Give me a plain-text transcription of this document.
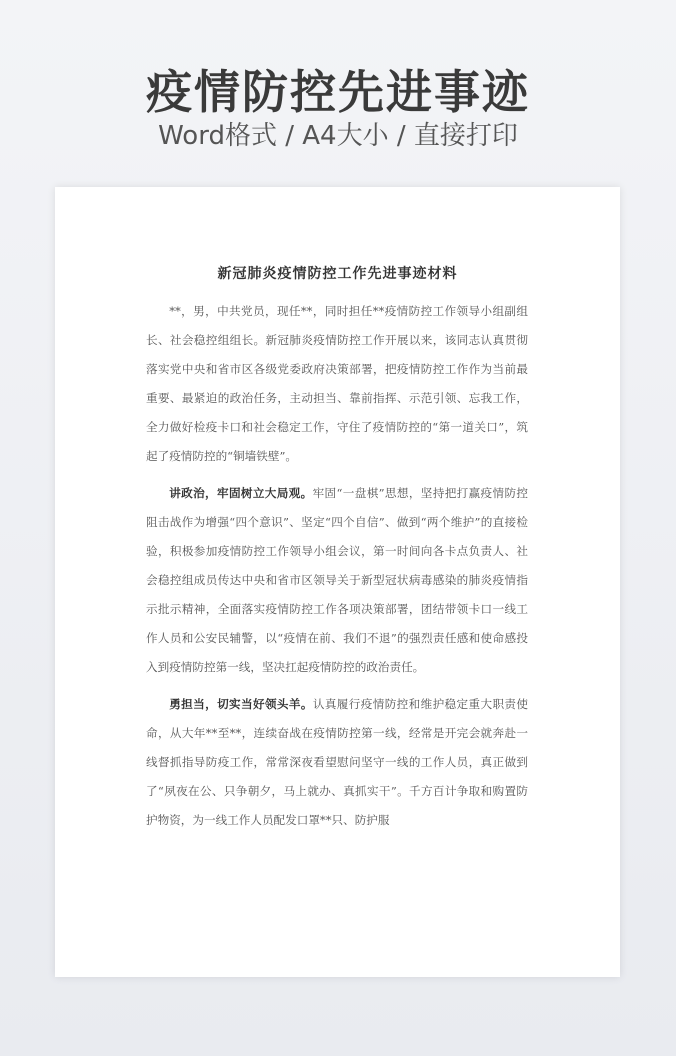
疫情防控先进事迹
Word格式 / A4大小 / 直接打印
新冠肺炎疫情防控工作先进事迹材料

**，男，中共党员，现任**，同时担任**疫情防控工作领导小组副组长、社会稳控组组长。新冠肺炎疫情防控工作开展以来，该同志认真贯彻落实党中央和省市区各级党委政府决策部署，把疫情防控工作作为当前最重要、最紧迫的政治任务，主动担当、靠前指挥、示范引领、忘我工作，全力做好检疫卡口和社会稳定工作，守住了疫情防控的“第一道关口”，筑起了疫情防控的“铜墙铁壁”。

讲政治，牢固树立大局观。牢固“一盘棋”思想，坚持把打赢疫情防控阻击战作为增强“四个意识”、坚定“四个自信”、做到“两个维护”的直接检验，积极参加疫情防控工作领导小组会议，第一时间向各卡点负责人、社会稳控组成员传达中央和省市区领导关于新型冠状病毒感染的肺炎疫情指示批示精神，全面落实疫情防控工作各项决策部署，团结带领卡口一线工作人员和公安民辅警，以“疫情在前、我们不退”的强烈责任感和使命感投入到疫情防控第一线，坚决扛起疫情防控的政治责任。

勇担当，切实当好领头羊。认真履行疫情防控和维护稳定重大职责使命，从大年**至**，连续奋战在疫情防控第一线，经常是开完会就奔赴一线督抓指导防疫工作，常常深夜看望慰问坚守一线的工作人员，真正做到了“夙夜在公、只争朝夕，马上就办、真抓实干”。千方百计争取和购置防护物资，为一线工作人员配发口罩**只、防护服
